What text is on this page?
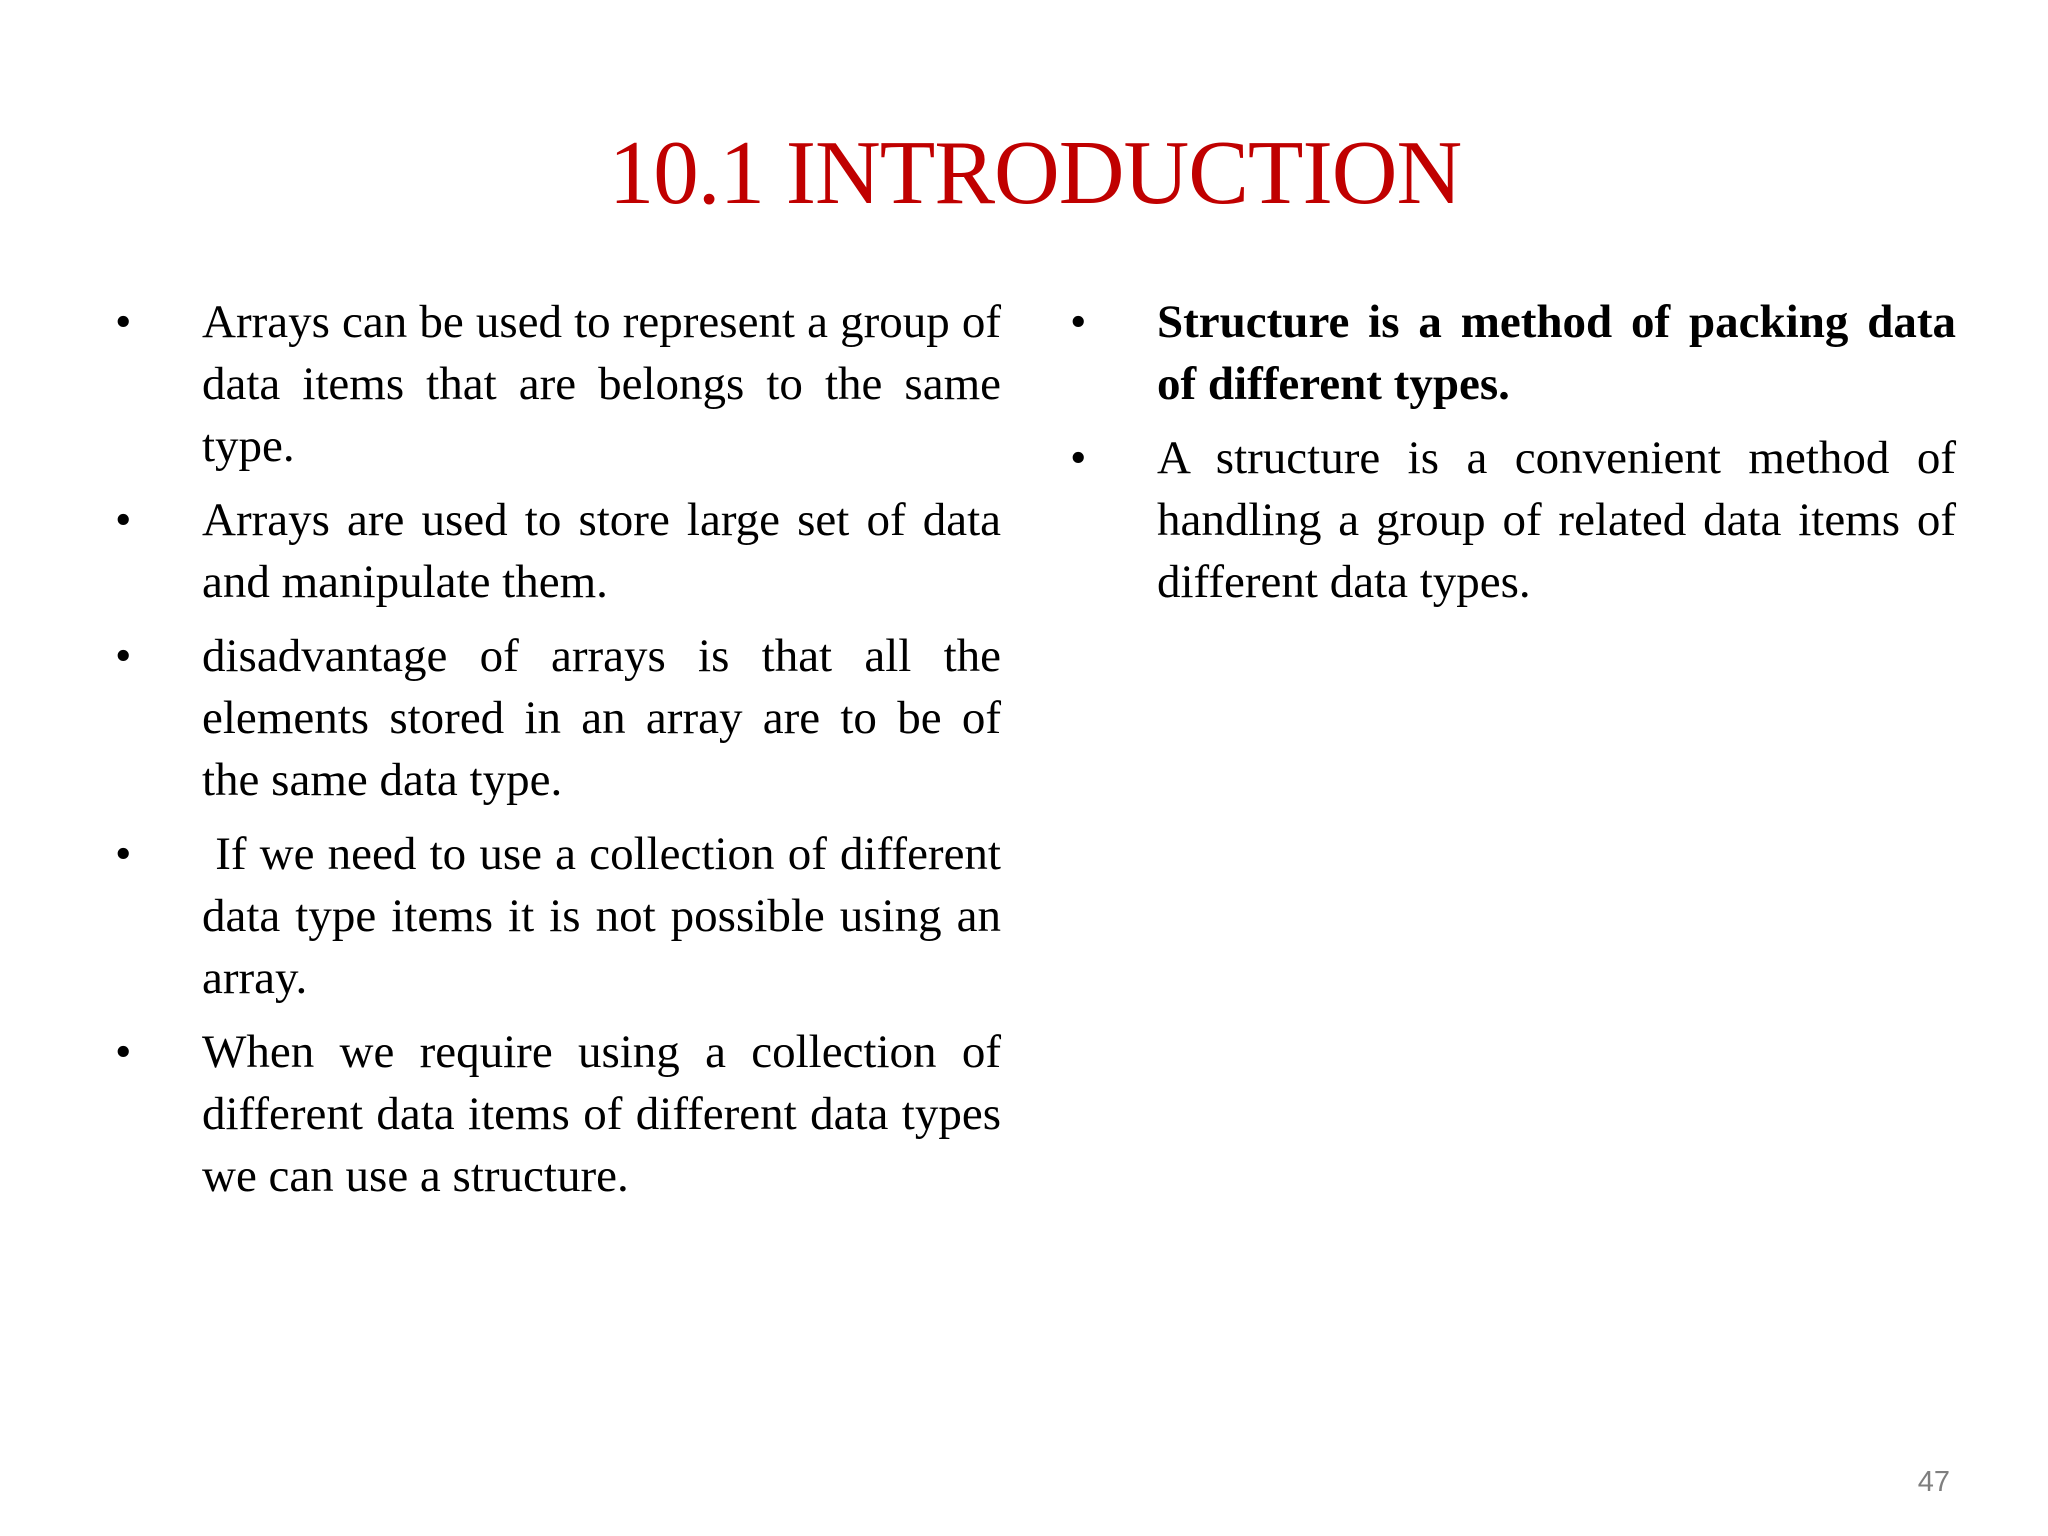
10.1 INTRODUCTION
•	Arrays can be used to represent a group of data items that are belongs to the same type.
•	Arrays are used to store large set of data and manipulate them.
•	disadvantage of arrays is that all the elements stored in an array are to be of the same data type.
•	If we need to use a collection of different data type items it is not possible using an array.
•	When we require using a collection of different data items of different data types we can use a structure.
•	Structure is a method of packing data of different types.
•	A structure is a convenient method of handling a group of related data items of different data types.
47
